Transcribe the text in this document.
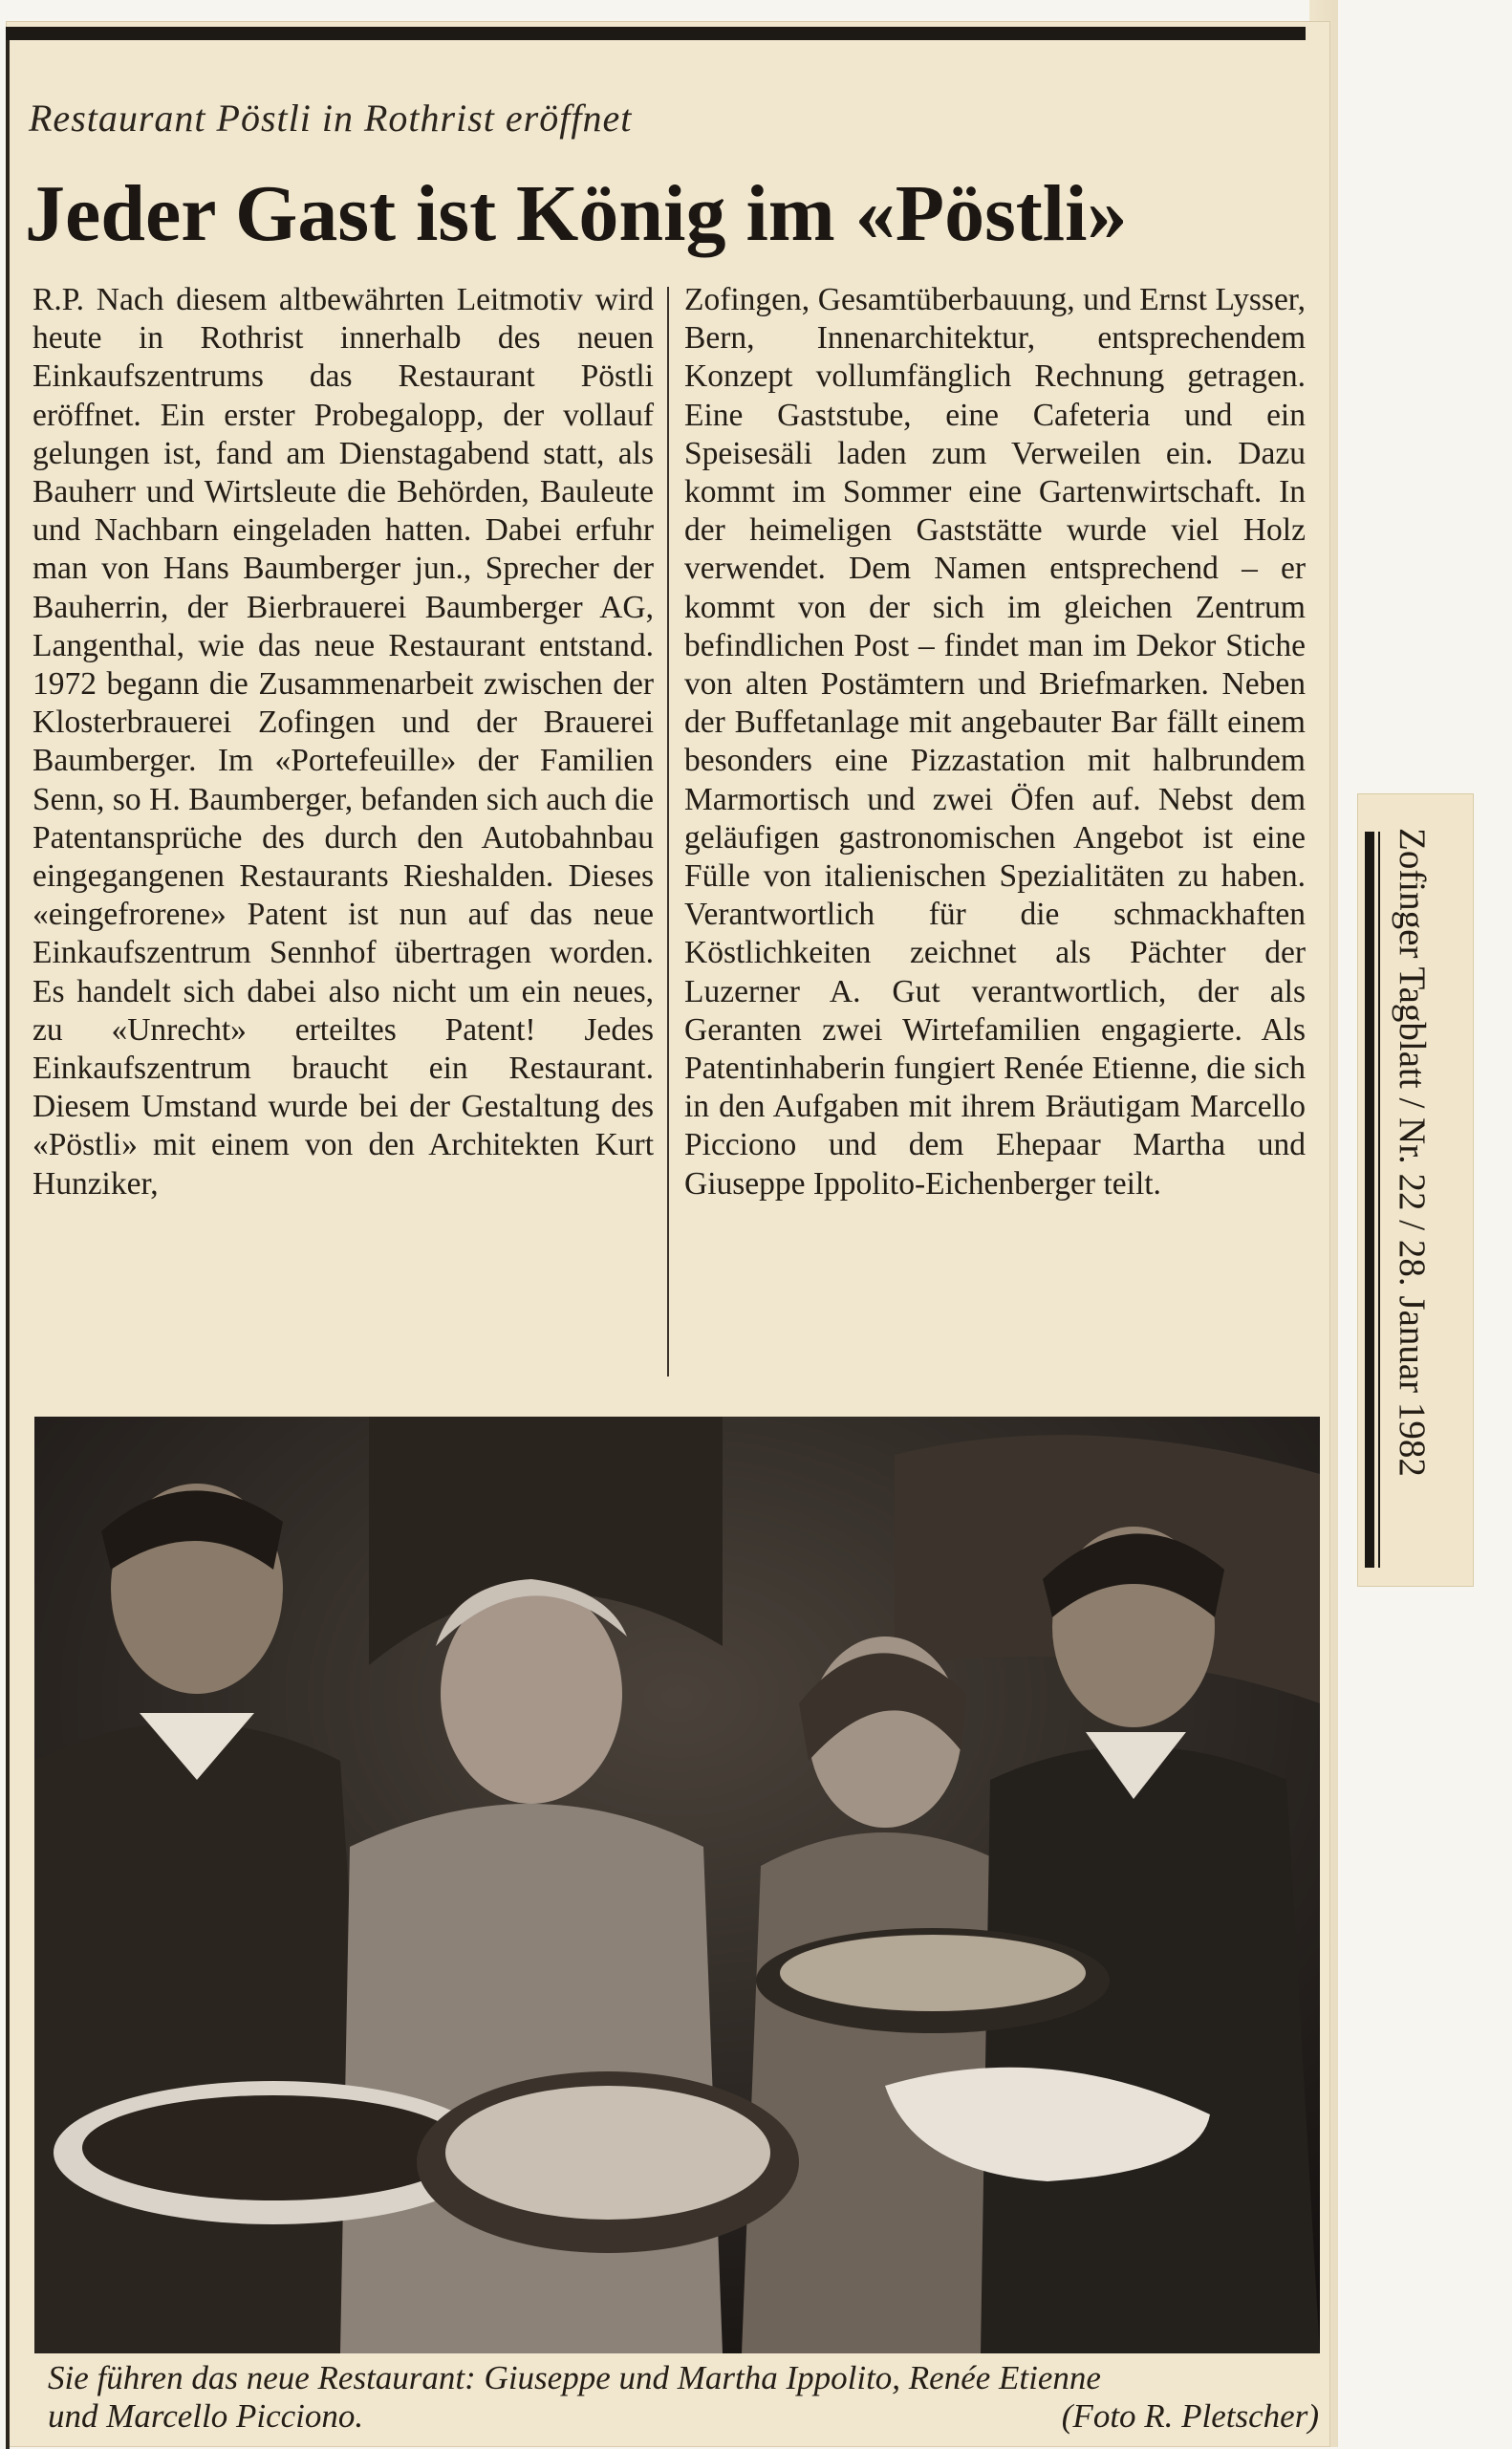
Restaurant Pöstli in Rothrist eröffnet
Jeder Gast ist König im «Pöstli»

R.P. Nach diesem altbewährten Leitmotiv wird heute in Rothrist innerhalb des neuen Einkaufszentrums das Restaurant Pöstli eröffnet. Ein erster Probegalopp, der vollauf gelungen ist, fand am Dienstagabend statt, als Bauherr und Wirtsleute die Behörden, Bauleute und Nachbarn eingeladen hatten. Dabei erfuhr man von Hans Baumberger jun., Sprecher der Bauherrin, der Bierbrauerei Baumberger AG, Langenthal, wie das neue Restaurant entstand. 1972 begann die Zusammenarbeit zwischen der Klosterbrauerei Zofingen und der Brauerei Baumberger. Im «Portefeuille» der Familien Senn, so H. Baumberger, befanden sich auch die Patentansprüche des durch den Autobahnbau eingegangenen Restaurants Rieshalden. Dieses «eingefrorene» Patent ist nun auf das neue Einkaufszentrum Sennhof übertragen worden. Es handelt sich dabei also nicht um ein neues, zu «Unrecht» erteiltes Patent! Jedes Einkaufszentrum braucht ein Restaurant. Diesem Umstand wurde bei der Gestaltung des «Pöstli» mit einem von den Architekten Kurt Hunziker,

Zofingen, Gesamtüberbauung, und Ernst Lysser, Bern, Innenarchitektur, entsprechendem Konzept vollumfänglich Rechnung getragen. Eine Gaststube, eine Cafeteria und ein Speisesäli laden zum Verweilen ein. Dazu kommt im Sommer eine Gartenwirtschaft. In der heimeligen Gaststätte wurde viel Holz verwendet. Dem Namen entsprechend – er kommt von der sich im gleichen Zentrum befindlichen Post – findet man im Dekor Stiche von alten Postämtern und Briefmarken. Neben der Buffetanlage mit angebauter Bar fällt einem besonders eine Pizzastation mit halbrundem Marmortisch und zwei Öfen auf. Nebst dem geläufigen gastronomischen Angebot ist eine Fülle von italienischen Spezialitäten zu haben. Verantwortlich für die schmackhaften Köstlichkeiten zeichnet als Pächter der Luzerner A. Gut verantwortlich, der als Geranten zwei Wirtefamilien engagierte. Als Patentinhaberin fungiert Renée Etienne, die sich in den Aufgaben mit ihrem Bräutigam Marcello Picciono und dem Ehepaar Martha und Giuseppe Ippolito-Eichenberger teilt.

Sie führen das neue Restaurant: Giuseppe und Martha Ippolito, Renée Etienne
und Marcello Picciono.	(Foto R. Pletscher)
Zofinger Tagblatt / Nr. 22 / 28. Januar 1982
